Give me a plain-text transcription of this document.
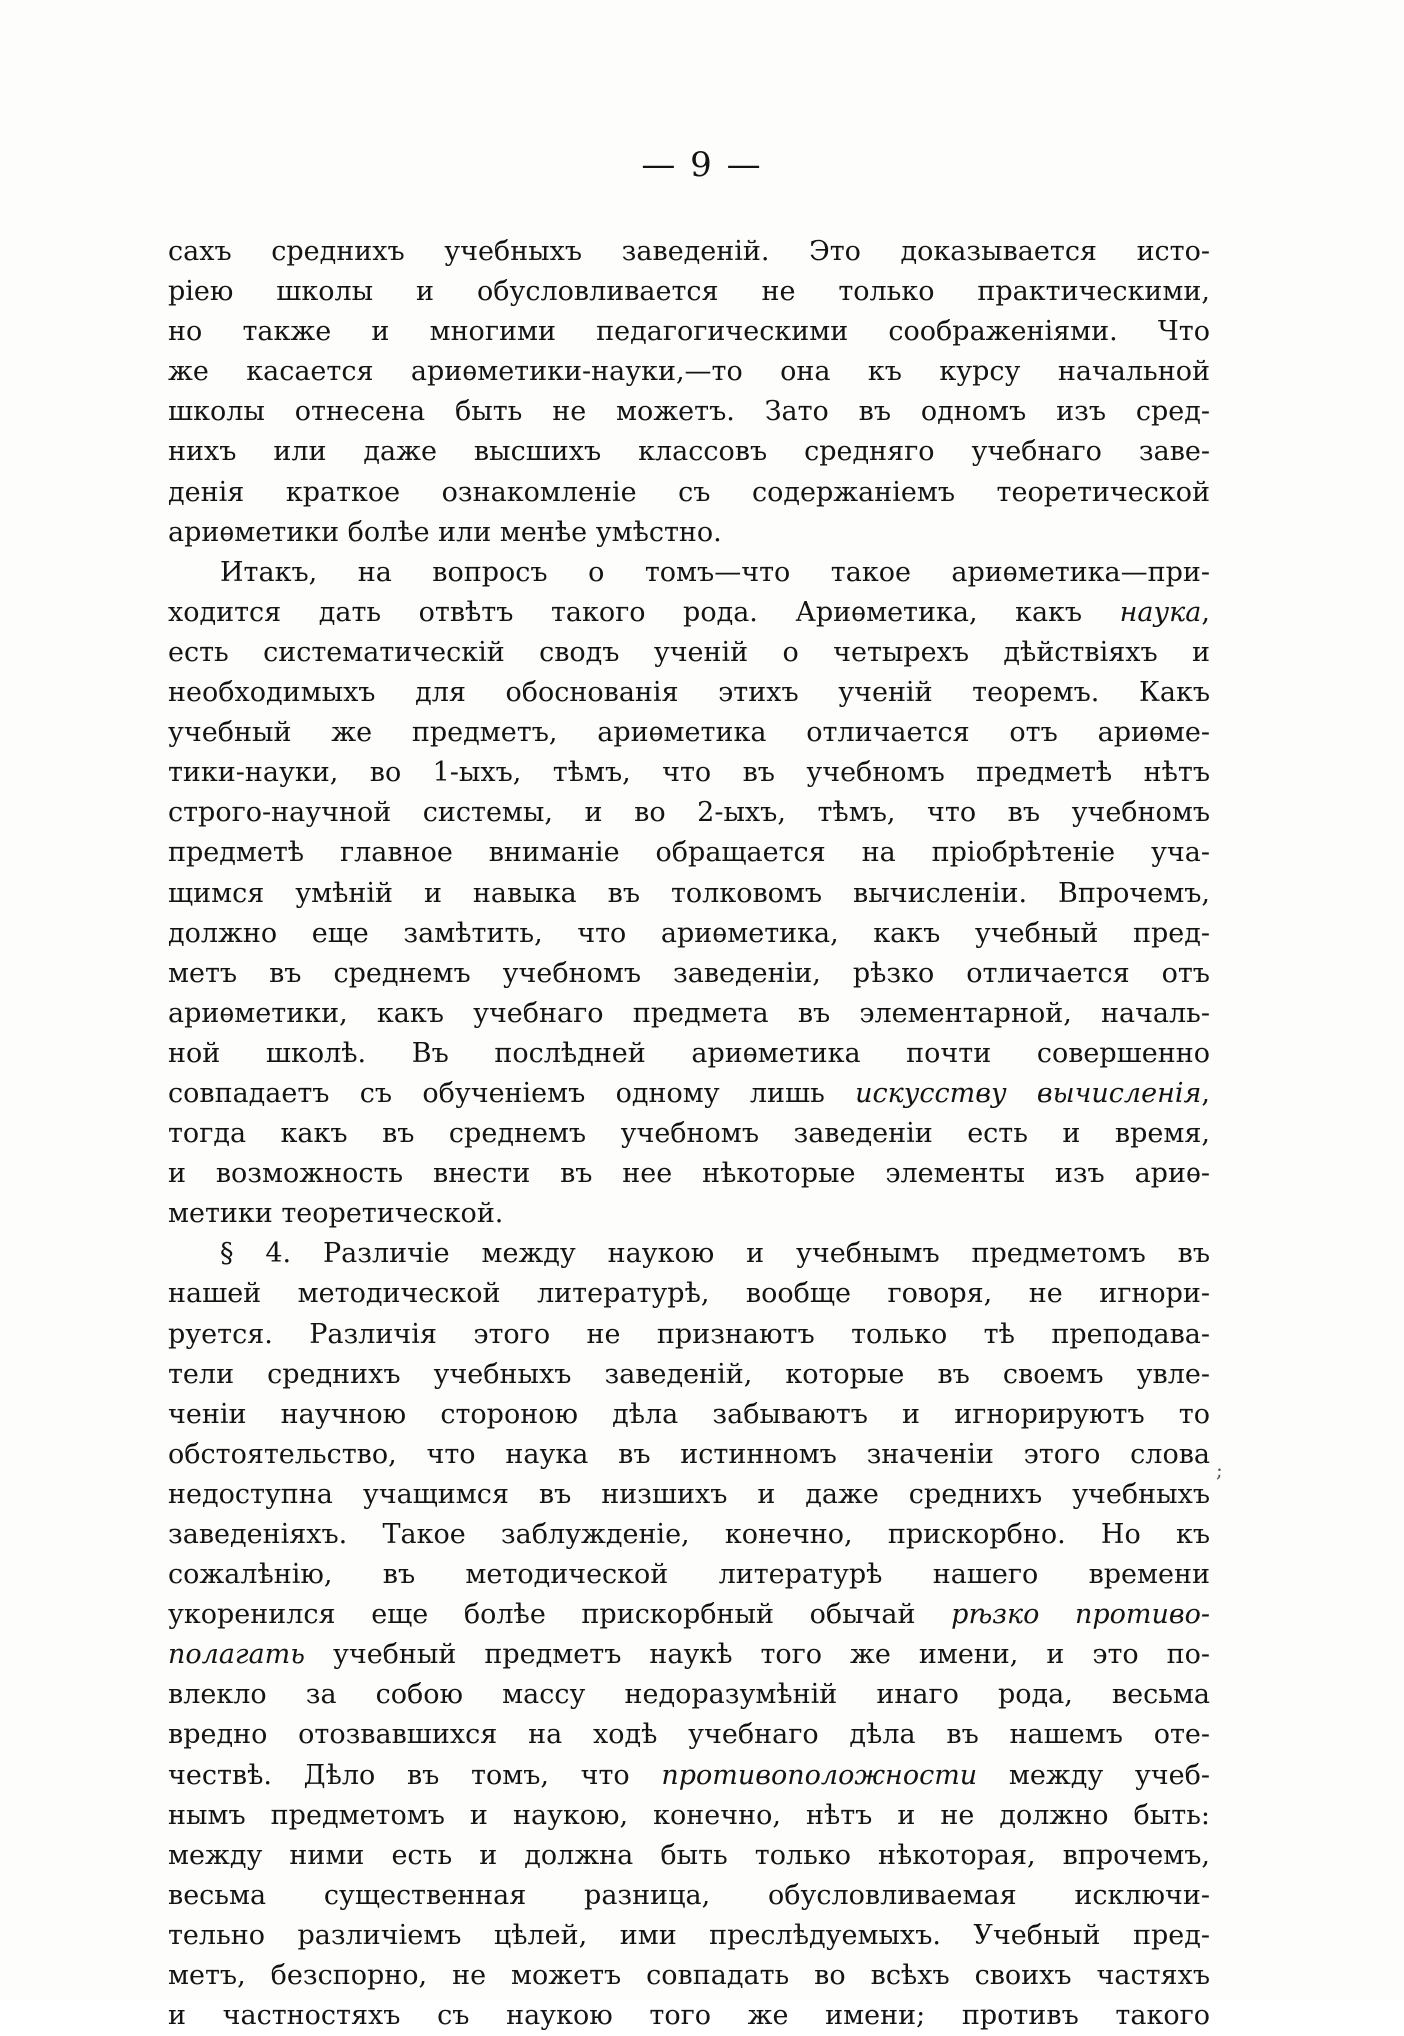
— 9 —
сахъ среднихъ учебныхъ заведеній. Это доказывается исто-
ріею школы и обусловливается не только практическими,
но также и многими педагогическими соображеніями. Что
же касается ариѳметики-науки,—то она къ курсу начальной
школы отнесена быть не можетъ. Зато въ одномъ изъ сред-
нихъ или даже высшихъ классовъ средняго учебнаго заве-
денія краткое ознакомленіе съ содержаніемъ теоретической
ариѳметики болѣе или менѣе умѣстно.
Итакъ, на вопросъ о томъ—что такое ариѳметика—при-
ходится дать отвѣтъ такого рода. Ариѳметика, какъ наука,
есть систематическій сводъ ученій о четырехъ дѣйствіяхъ и
необходимыхъ для обоснованія этихъ ученій теоремъ. Какъ
учебный же предметъ, ариѳметика отличается отъ ариѳме-
тики-науки, во 1-ыхъ, тѣмъ, что въ учебномъ предметѣ нѣтъ
строго-научной системы, и во 2-ыхъ, тѣмъ, что въ учебномъ
предметѣ главное вниманіе обращается на пріобрѣтеніе уча-
щимся умѣній и навыка въ толковомъ вычисленіи. Впрочемъ,
должно еще замѣтить, что ариѳметика, какъ учебный пред-
метъ въ среднемъ учебномъ заведеніи, рѣзко отличается отъ
ариѳметики, какъ учебнаго предмета въ элементарной, началь-
ной школѣ. Въ послѣдней ариѳметика почти совершенно
совпадаетъ съ обученіемъ одному лишь искусству вычисленія,
тогда какъ въ среднемъ учебномъ заведеніи есть и время,
и возможность внести въ нее нѣкоторые элементы изъ ариѳ-
метики теоретической.
§ 4. Различіе между наукою и учебнымъ предметомъ въ
нашей методической литературѣ, вообще говоря, не игнори-
руется. Различія этого не признаютъ только тѣ преподава-
тели среднихъ учебныхъ заведеній, которые въ своемъ увле-
ченіи научною стороною дѣла забываютъ и игнорируютъ то
обстоятельство, что наука въ истинномъ значеніи этого слова
недоступна учащимся въ низшихъ и даже среднихъ учебныхъ
заведеніяхъ. Такое заблужденіе, конечно, прискорбно. Но къ
сожалѣнію, въ методической литературѣ нашего времени
укоренился еще болѣе прискорбный обычай рѣзко противо-
полагать учебный предметъ наукѣ того же имени, и это по-
влекло за собою массу недоразумѣній инаго рода, весьма
вредно отозвавшихся на ходѣ учебнаго дѣла въ нашемъ оте-
чествѣ. Дѣло въ томъ, что противоположности между учеб-
нымъ предметомъ и наукою, конечно, нѣтъ и не должно быть:
между ними есть и должна быть только нѣкоторая, впрочемъ,
весьма существенная разница, обусловливаемая исключи-
тельно различіемъ цѣлей, ими преслѣдуемыхъ. Учебный пред-
метъ, безспорно, не можетъ совпадать во всѣхъ своихъ частяхъ
и частностяхъ съ наукою того же имени; противъ такого
;
